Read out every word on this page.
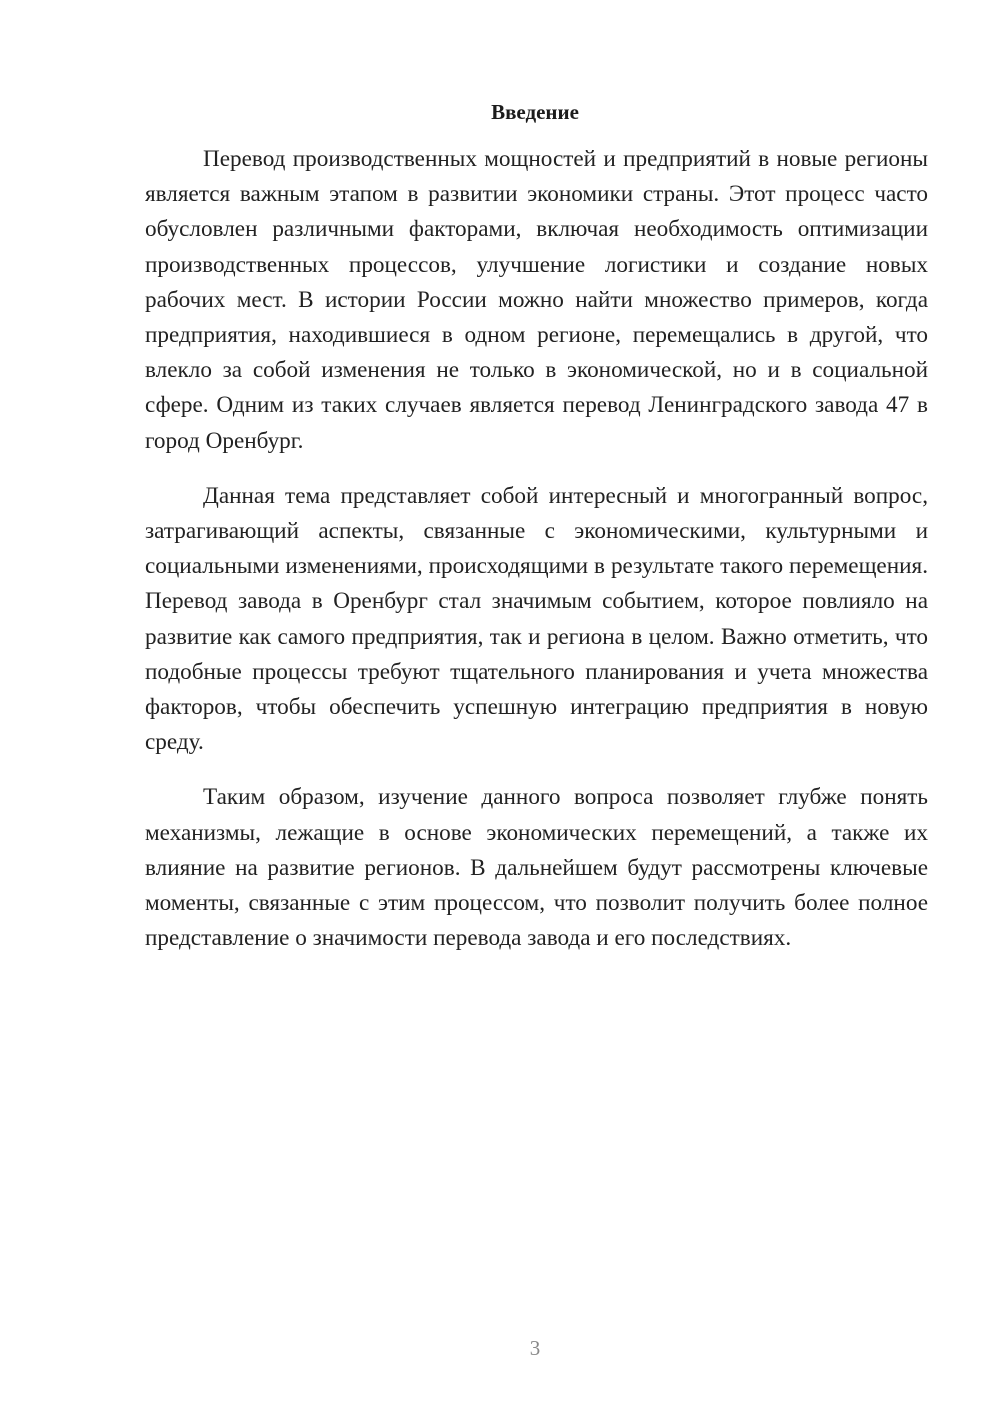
Введение

Перевод производственных мощностей и предприятий в новые регионы является важным этапом в развитии экономики страны. Этот процесс часто обусловлен различными факторами, включая необходимость оптимизации производственных процессов, улучшение логистики и создание новых рабочих мест. В истории России можно найти множество примеров, когда предприятия, находившиеся в одном регионе, перемещались в другой, что влекло за собой изменения не только в экономической, но и в социальной сфере. Одним из таких случаев является перевод Ленинградского завода 47 в город Оренбург.

Данная тема представляет собой интересный и многогранный вопрос, затрагивающий аспекты, связанные с экономическими, культурными и социальными изменениями, происходящими в результате такого перемещения. Перевод завода в Оренбург стал значимым событием, которое повлияло на развитие как самого предприятия, так и региона в целом. Важно отметить, что подобные процессы требуют тщательного планирования и учета множества факторов, чтобы обеспечить успешную интеграцию предприятия в новую среду.

Таким образом, изучение данного вопроса позволяет глубже понять механизмы, лежащие в основе экономических перемещений, а также их влияние на развитие регионов. В дальнейшем будут рассмотрены ключевые моменты, связанные с этим процессом, что позволит получить более полное представление о значимости перевода завода и его последствиях.

3
